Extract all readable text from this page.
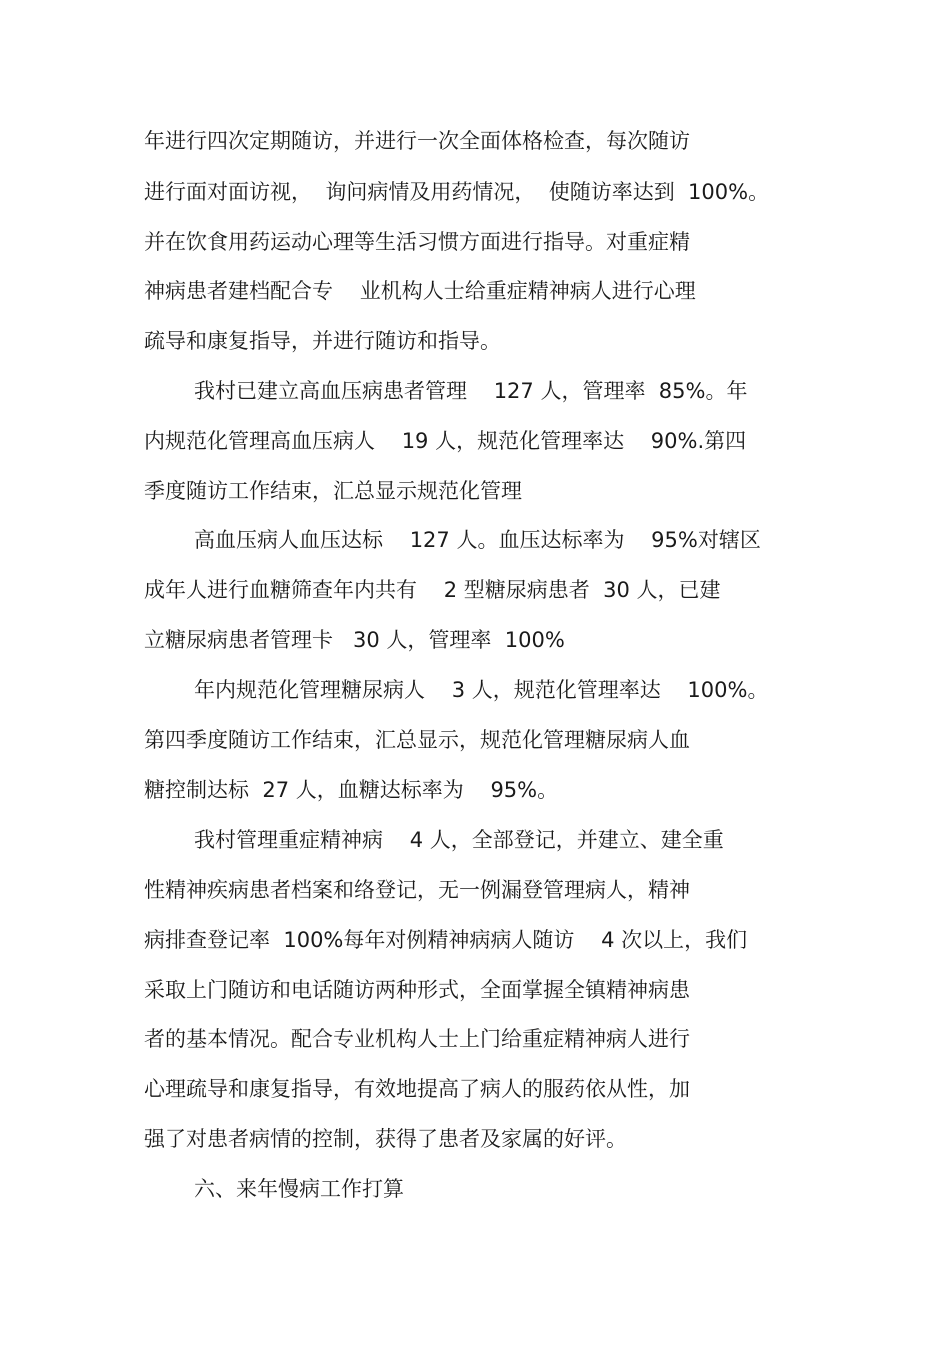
年进行四次定期随访，并进行一次全面体格检查，每次随访

进行面对面访视，  询问病情及用药情况，  使随访率达到  100%。

并在饮食用药运动心理等生活习惯方面进行指导。对重症精

神病患者建档配合专    业机构人士给重症精神病人进行心理

疏导和康复指导，并进行随访和指导。

我村已建立高血压病患者管理    127 人，管理率  85%。年

内规范化管理高血压病人    19 人，规范化管理率达    90%.第四

季度随访工作结束，汇总显示规范化管理

高血压病人血压达标    127 人。血压达标率为    95%对辖区

成年人进行血糖筛查年内共有    2 型糖尿病患者  30 人，已建

立糖尿病患者管理卡   30 人，管理率  100%

年内规范化管理糖尿病人    3 人，规范化管理率达    100%。

第四季度随访工作结束，汇总显示，规范化管理糖尿病人血

糖控制达标  27 人，血糖达标率为    95%。

我村管理重症精神病    4 人，全部登记，并建立、建全重

性精神疾病患者档案和络登记，无一例漏登管理病人，精神

病排查登记率  100%每年对例精神病病人随访    4 次以上，我们

采取上门随访和电话随访两种形式，全面掌握全镇精神病患

者的基本情况。配合专业机构人士上门给重症精神病人进行

心理疏导和康复指导，有效地提高了病人的服药依从性，加

强了对患者病情的控制，获得了患者及家属的好评。

六、来年慢病工作打算
